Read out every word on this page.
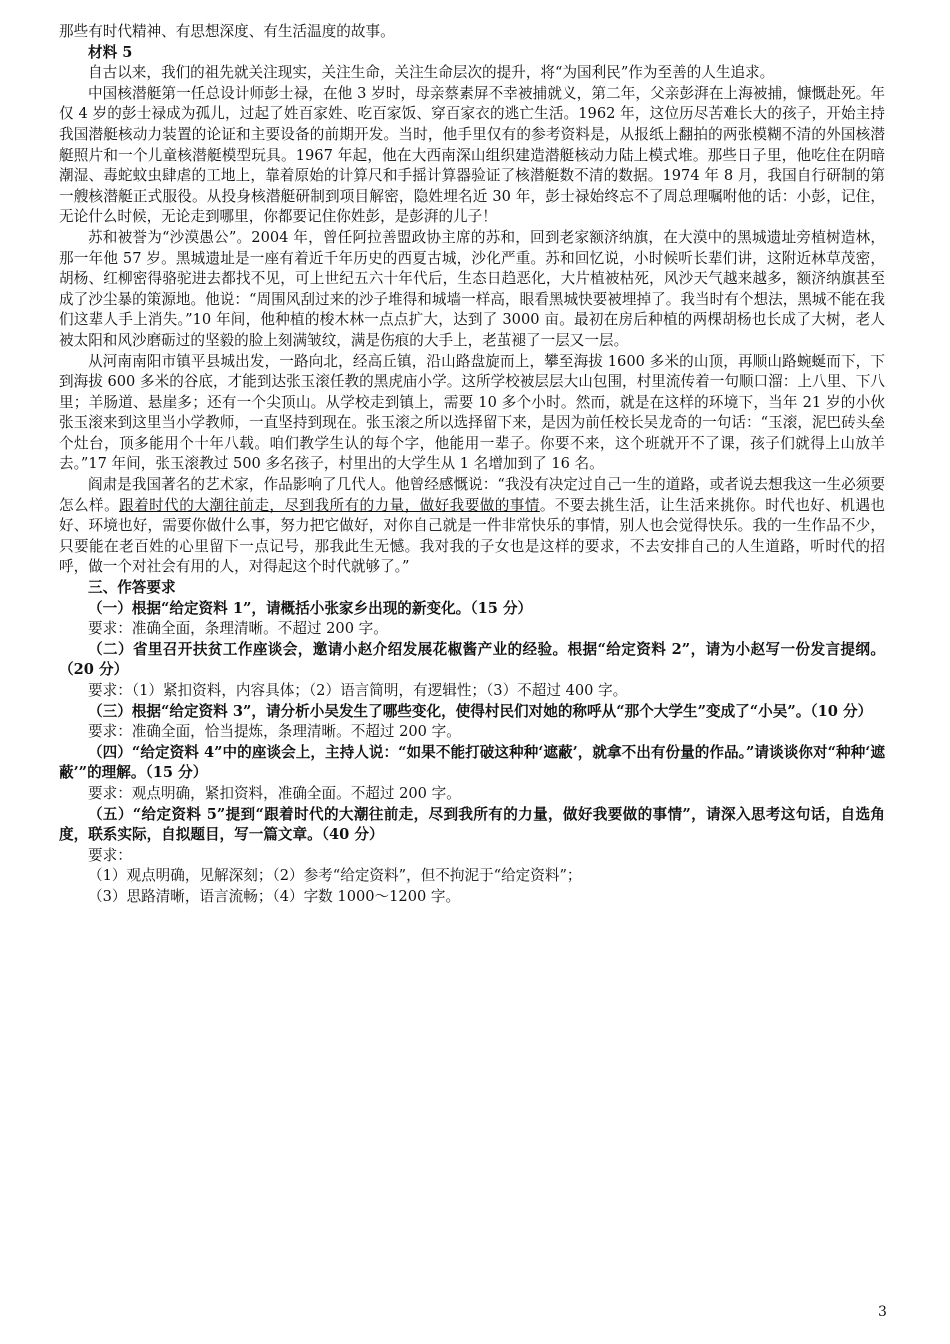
那些有时代精神、有思想深度、有生活温度的故事。

材料 5

自古以来，我们的祖先就关注现实，关注生命，关注生命层次的提升，将“为国利民”作为至善的人生追求。

中国核潜艇第一任总设计师彭士禄，在他 3 岁时，母亲蔡素屏不幸被捕就义，第二年，父亲彭湃在上海被捕，慷慨赴死。年仅 4 岁的彭士禄成为孤儿，过起了姓百家姓、吃百家饭、穿百家衣的逃亡生活。1962 年，这位历尽苦难长大的孩子，开始主持我国潜艇核动力装置的论证和主要设备的前期开发。当时，他手里仅有的参考资料是，从报纸上翻拍的两张模糊不清的外国核潜艇照片和一个儿童核潜艇模型玩具。1967 年起，他在大西南深山组织建造潜艇核动力陆上模式堆。那些日子里，他吃住在阴暗潮湿、毒蛇蚊虫肆虐的工地上，靠着原始的计算尺和手摇计算器验证了核潜艇数不清的数据。1974 年 8 月，我国自行研制的第一艘核潜艇正式服役。从投身核潜艇研制到项目解密，隐姓埋名近 30 年，彭士禄始终忘不了周总理嘱咐他的话：小彭，记住，无论什么时候，无论走到哪里，你都要记住你姓彭，是彭湃的儿子！

苏和被誉为“沙漠愚公”。2004 年，曾任阿拉善盟政协主席的苏和，回到老家额济纳旗，在大漠中的黑城遗址旁植树造林，那一年他 57 岁。黑城遗址是一座有着近千年历史的西夏古城，沙化严重。苏和回忆说，小时候听长辈们讲，这附近林草茂密，胡杨、红柳密得骆驼进去都找不见，可上世纪五六十年代后，生态日趋恶化，大片植被枯死，风沙天气越来越多，额济纳旗甚至成了沙尘暴的策源地。他说：“周围风刮过来的沙子堆得和城墙一样高，眼看黑城快要被埋掉了。我当时有个想法，黑城不能在我们这辈人手上消失。”10 年间，他种植的梭木林一点点扩大，达到了 3000 亩。最初在房后种植的两棵胡杨也长成了大树，老人被太阳和风沙磨砺过的坚毅的脸上刻满皱纹，满是伤痕的大手上，老茧褪了一层又一层。

从河南南阳市镇平县城出发，一路向北，经高丘镇，沿山路盘旋而上，攀至海拔 1600 多米的山顶，再顺山路蜿蜒而下，下到海拔 600 多米的谷底，才能到达张玉滚任教的黑虎庙小学。这所学校被层层大山包围，村里流传着一句顺口溜：上八里、下八里；羊肠道、悬崖多；还有一个尖顶山。从学校走到镇上，需要 10 多个小时。然而，就是在这样的环境下，当年 21 岁的小伙张玉滚来到这里当小学教师，一直坚持到现在。张玉滚之所以选择留下来，是因为前任校长吴龙奇的一句话：“玉滚，泥巴砖头垒个灶台，顶多能用个十年八载。咱们教学生认的每个字，他能用一辈子。你要不来，这个班就开不了课，孩子们就得上山放羊去。”17 年间，张玉滚教过 500 多名孩子，村里出的大学生从 1 名增加到了 16 名。

阎肃是我国著名的艺术家，作品影响了几代人。他曾经感慨说：“我没有决定过自己一生的道路，或者说去想我这一生必须要怎么样。跟着时代的大潮往前走，尽到我所有的力量，做好我要做的事情。不要去挑生活，让生活来挑你。时代也好、机遇也好、环境也好，需要你做什么事，努力把它做好，对你自己就是一件非常快乐的事情，别人也会觉得快乐。我的一生作品不少，只要能在老百姓的心里留下一点记号，那我此生无憾。我对我的子女也是这样的要求，不去安排自己的人生道路，听时代的招呼，做一个对社会有用的人，对得起这个时代就够了。”

三、作答要求

（一）根据“给定资料 1”，请概括小张家乡出现的新变化。（15 分）

要求：准确全面，条理清晰。不超过 200 字。

（二）省里召开扶贫工作座谈会，邀请小赵介绍发展花椒酱产业的经验。根据“给定资料 2”，请为小赵写一份发言提纲。（20 分）

要求：（1）紧扣资料，内容具体；（2）语言简明，有逻辑性；（3）不超过 400 字。

（三）根据“给定资料 3”，请分析小吴发生了哪些变化，使得村民们对她的称呼从“那个大学生”变成了“小吴”。（10 分）

要求：准确全面，恰当提炼，条理清晰。不超过 200 字。

（四）“给定资料 4”中的座谈会上，主持人说：“如果不能打破这种种‘遮蔽’，就拿不出有份量的作品。”请谈谈你对“种种‘遮蔽’”的理解。（15 分）

要求：观点明确，紧扣资料，准确全面。不超过 200 字。

（五）“给定资料 5”提到“跟着时代的大潮往前走，尽到我所有的力量，做好我要做的事情”，请深入思考这句话，自选角度，联系实际，自拟题目，写一篇文章。（40 分）

要求：

（1）观点明确，见解深刻；（2）参考“给定资料”，但不拘泥于“给定资料”；

（3）思路清晰，语言流畅；（4）字数 1000～1200 字。

3
